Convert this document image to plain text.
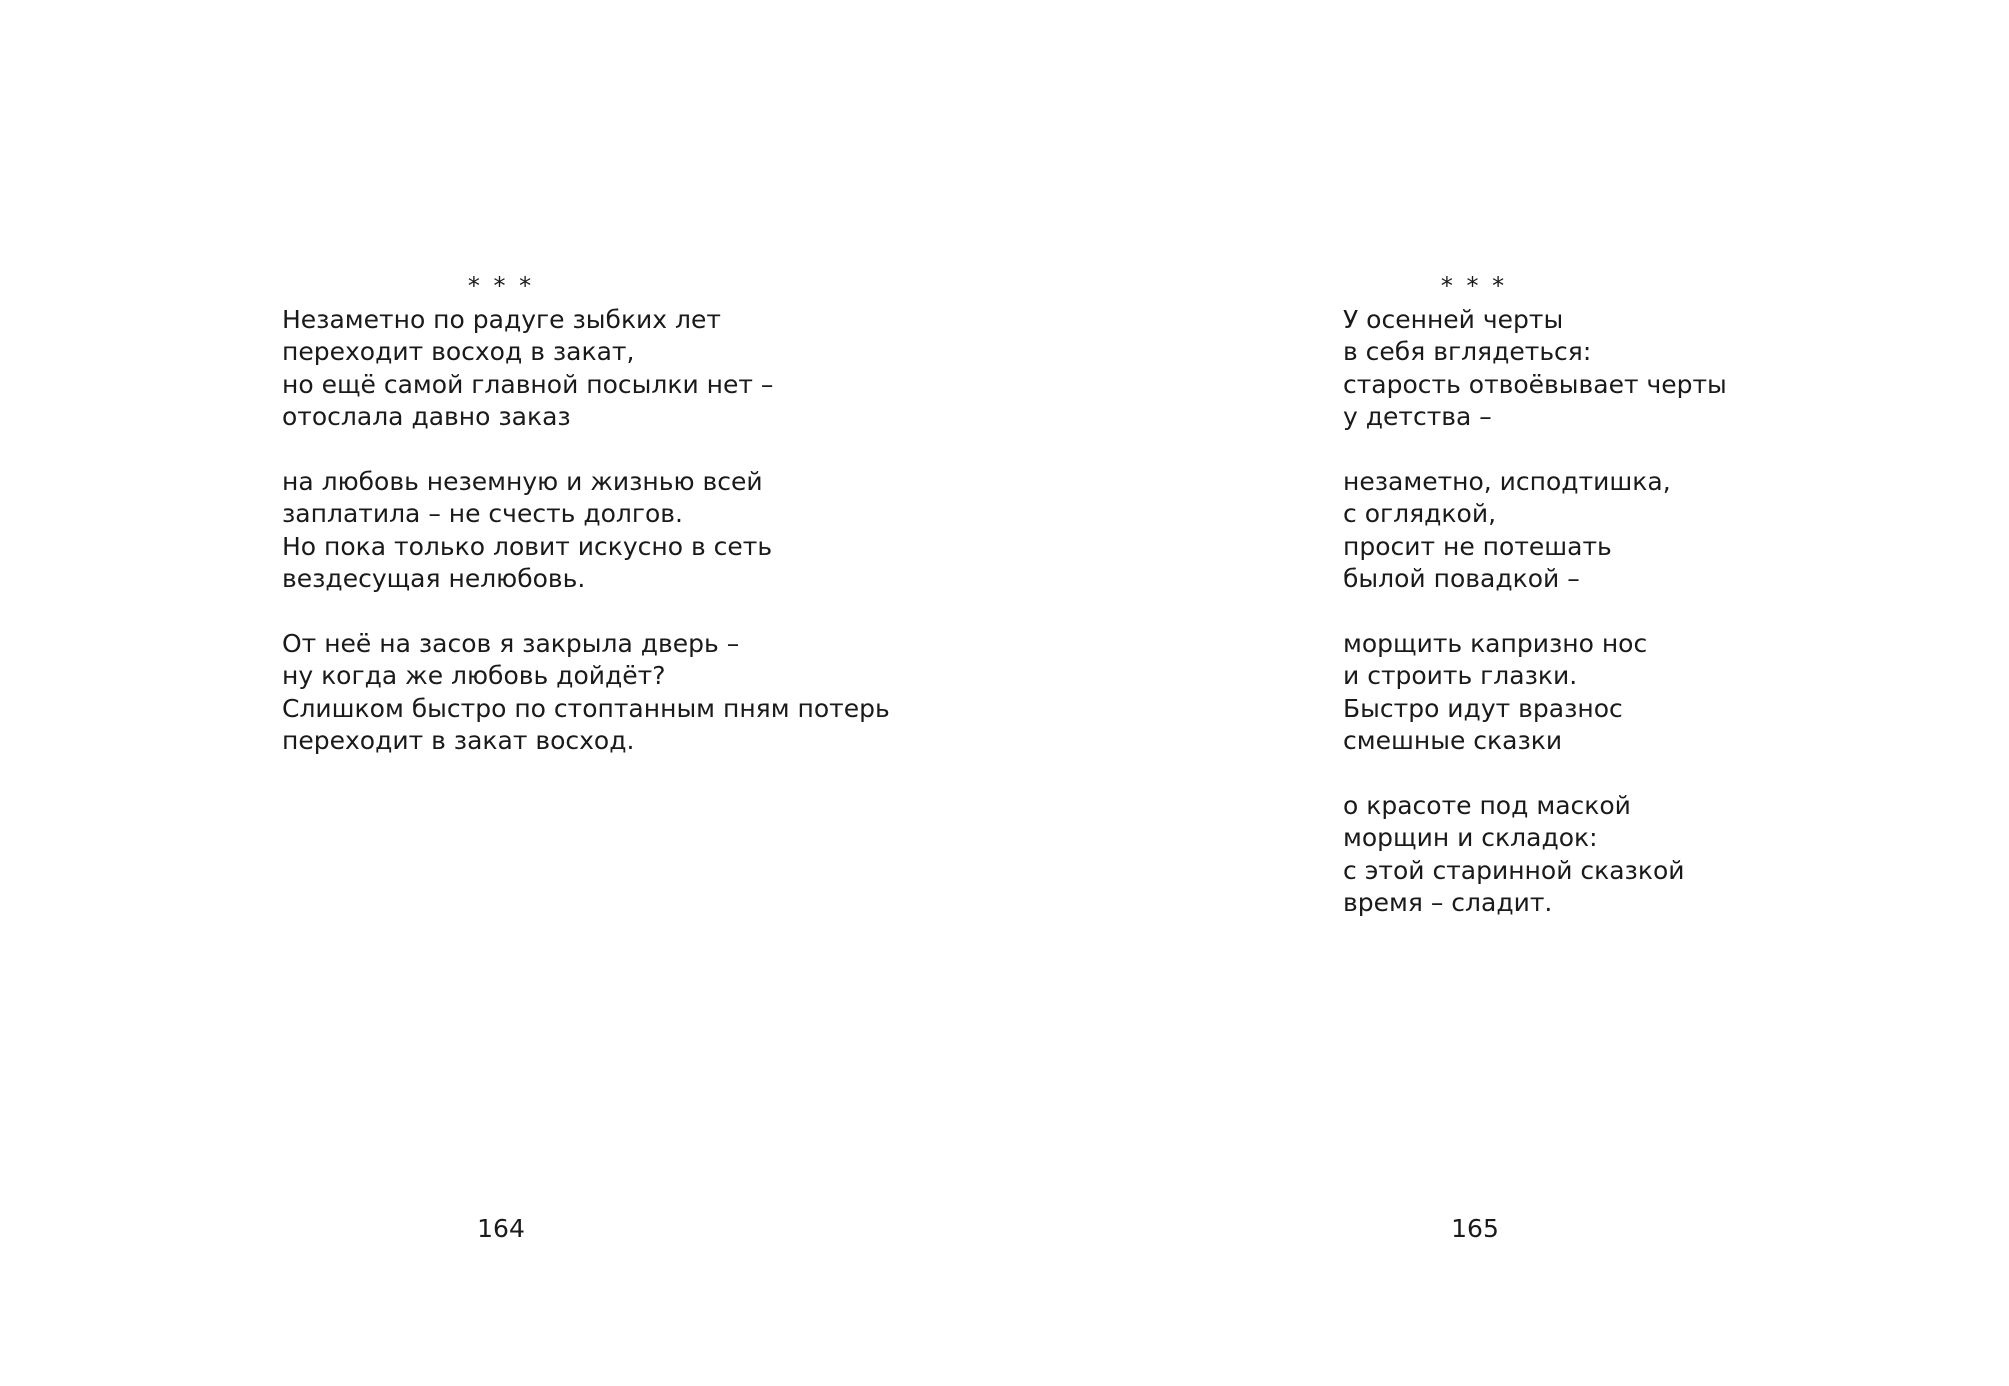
* * *
Незаметно по радуге зыбких лет
переходит восход в закат,
но ещё самой главной посылки нет –
отослала давно заказ
на любовь неземную и жизнью всей
заплатила – не счесть долгов.
Но пока только ловит искусно в сеть
вездесущая нелюбовь.
От неё на засов я закрыла дверь –
ну когда же любовь дойдёт?
Слишком быстро по стоптанным пням потерь
переходит в закат восход.
164
* * *
У осенней черты
в себя вглядеться:
старость отвоёвывает черты
у детства –
незаметно, исподтишка,
с оглядкой,
просит не потешать
былой повадкой –
морщить капризно нос
и строить глазки.
Быстро идут вразнос
смешные сказки
о красоте под маской
морщин и складок:
с этой старинной сказкой
время – сладит.
165
